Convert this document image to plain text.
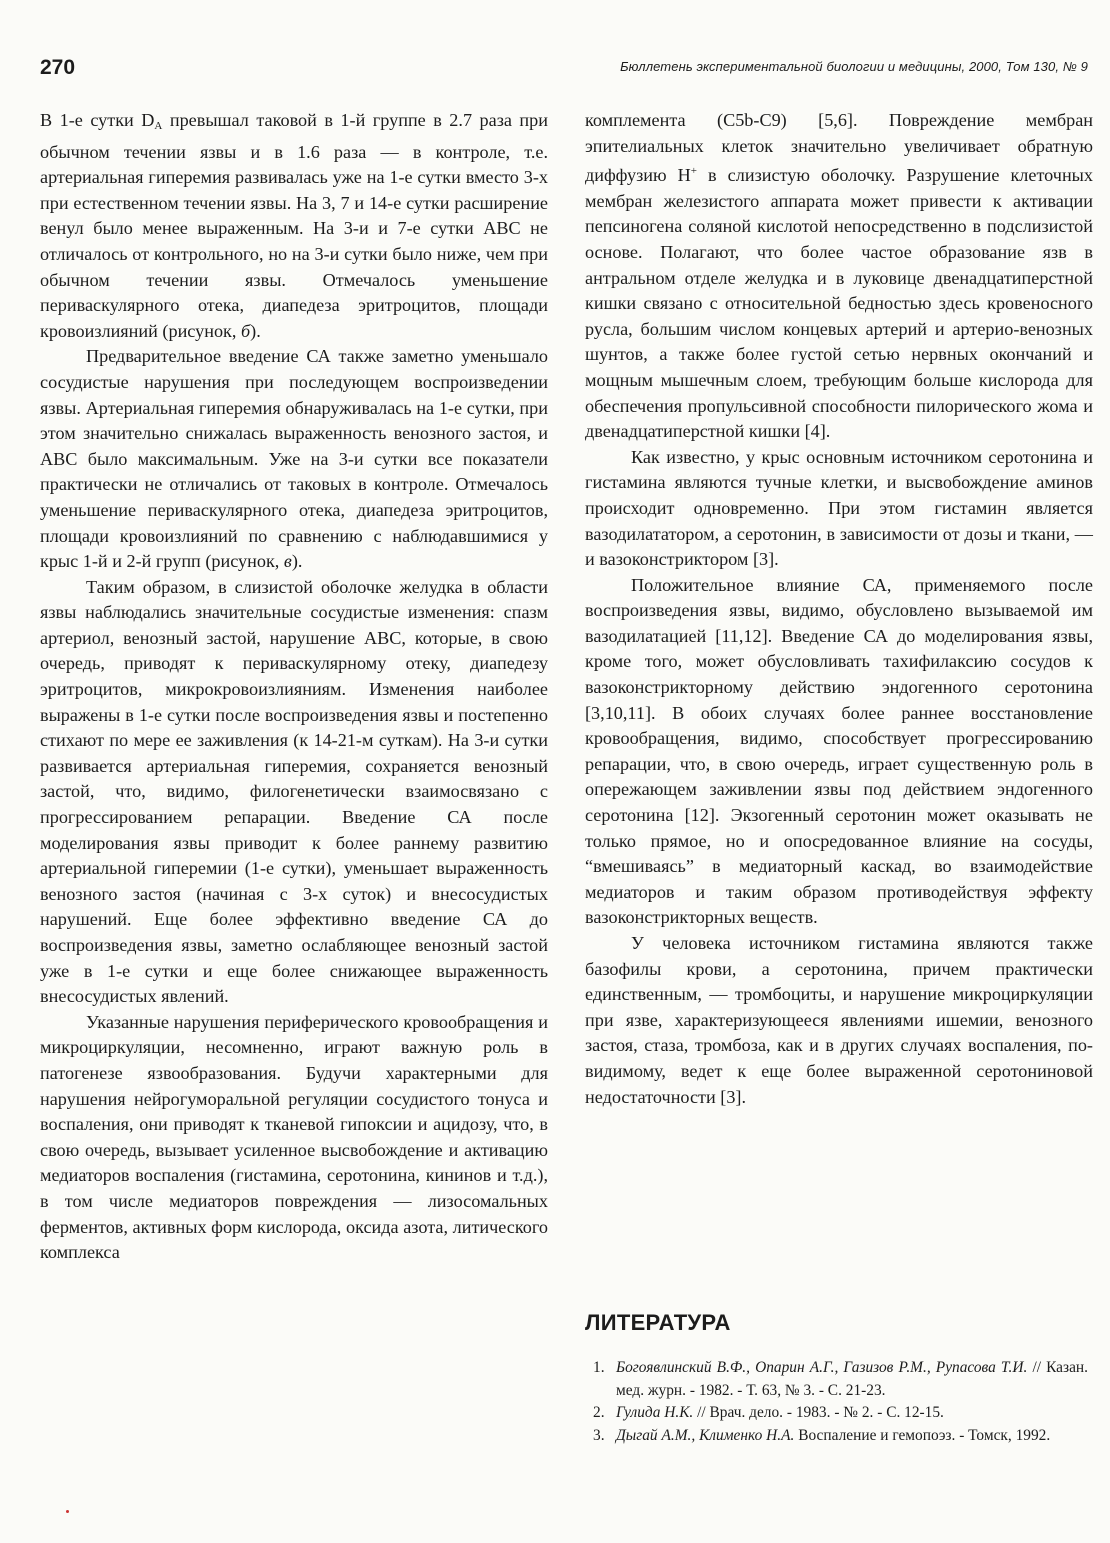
270	Бюллетень экспериментальной биологии и медицины, 2000, Том 130, № 9

В 1-е сутки $D_A$ превышал таковой в 1-й группе в 2.7 раза при обычном течении язвы и в 1.6 раза — в контроле, т.е. артериальная гиперемия развивалась уже на 1-е сутки вместо 3-х при естественном течении язвы. На 3, 7 и 14-е сутки расширение венул было менее выраженным. На 3-и и 7-е сутки АВС не отличалось от контрольного, но на 3-и сутки было ниже, чем при обычном течении язвы. Отмечалось уменьшение периваскулярного отека, диапедеза эритроцитов, площади кровоизлияний (рисунок, б).

Предварительное введение СА также заметно уменьшало сосудистые нарушения при последующем воспроизведении язвы. Артериальная гиперемия обнаруживалась на 1-е сутки, при этом значительно снижалась выраженность венозного застоя, и АВС было максимальным. Уже на 3-и сутки все показатели практически не отличались от таковых в контроле. Отмечалось уменьшение периваскулярного отека, диапедеза эритроцитов, площади кровоизлияний по сравнению с наблюдавшимися у крыс 1-й и 2-й групп (рисунок, в).

Таким образом, в слизистой оболочке желудка в области язвы наблюдались значительные сосудистые изменения: спазм артериол, венозный застой, нарушение АВС, которые, в свою очередь, приводят к периваскулярному отеку, диапедезу эритроцитов, микрокровоизлияниям. Изменения наиболее выражены в 1-е сутки после воспроизведения язвы и постепенно стихают по мере ее заживления (к 14-21-м суткам). На 3-и сутки развивается артериальная гиперемия, сохраняется венозный застой, что, видимо, филогенетически взаимосвязано с прогрессированием репарации. Введение СА после моделирования язвы приводит к более раннему развитию артериальной гиперемии (1-е сутки), уменьшает выраженность венозного застоя (начиная с 3-х суток) и внесосудистых нарушений. Еще более эффективно введение СА до воспроизведения язвы, заметно ослабляющее венозный застой уже в 1-е сутки и еще более снижающее выраженность внесосудистых явлений.

Указанные нарушения периферического кровообращения и микроциркуляции, несомненно, играют важную роль в патогенезе язвообразования. Будучи характерными для нарушения нейрогуморальной регуляции сосудистого тонуса и воспаления, они приводят к тканевой гипоксии и ацидозу, что, в свою очередь, вызывает усиленное высвобождение и активацию медиаторов воспаления (гистамина, серотонина, кининов и т.д.), в том числе медиаторов повреждения — лизосомальных ферментов, активных форм кислорода, оксида азота, литического комплекса

комплемента (C5b-C9) [5,6]. Повреждение мембран эпителиальных клеток значительно увеличивает обратную диффузию H+ в слизистую оболочку. Разрушение клеточных мембран железистого аппарата может привести к активации пепсиногена соляной кислотой непосредственно в подслизистой основе. Полагают, что более частое образование язв в антральном отделе желудка и в луковице двенадцатиперстной кишки связано с относительной бедностью здесь кровеносного русла, большим числом концевых артерий и артерио-венозных шунтов, а также более густой сетью нервных окончаний и мощным мышечным слоем, требующим больше кислорода для обеспечения пропульсивной способности пилорического жома и двенадцатиперстной кишки [4].

Как известно, у крыс основным источником серотонина и гистамина являются тучные клетки, и высвобождение аминов происходит одновременно. При этом гистамин является вазодилататором, а серотонин, в зависимости от дозы и ткани, — и вазоконстриктором [3].

Положительное влияние СА, применяемого после воспроизведения язвы, видимо, обусловлено вызываемой им вазодилатацией [11,12]. Введение СА до моделирования язвы, кроме того, может обусловливать тахифилаксию сосудов к вазоконстрикторному действию эндогенного серотонина [3,10,11]. В обоих случаях более раннее восстановление кровообращения, видимо, способствует прогрессированию репарации, что, в свою очередь, играет существенную роль в опережающем заживлении язвы под действием эндогенного серотонина [12]. Экзогенный серотонин может оказывать не только прямое, но и опосредованное влияние на сосуды, “вмешиваясь” в медиаторный каскад, во взаимодействие медиаторов и таким образом противодействуя эффекту вазоконстрикторных веществ.

У человека источником гистамина являются также базофилы крови, а серотонина, причем практически единственным, — тромбоциты, и нарушение микроциркуляции при язве, характеризующееся явлениями ишемии, венозного застоя, стаза, тромбоза, как и в других случаях воспаления, по-видимому, ведет к еще более выраженной серотониновой недостаточности [3].

ЛИТЕРАТУРА
1. Богоявлинский В.Ф., Опарин А.Г., Газизов Р.М., Рупасова Т.И. // Казан. мед. журн. - 1982. - Т. 63, № 3. - С. 21-23.
2. Гулида Н.К. // Врач. дело. - 1983. - № 2. - С. 12-15.
3. Дыгай А.М., Клименко Н.А. Воспаление и гемопоэз. - Томск, 1992.
